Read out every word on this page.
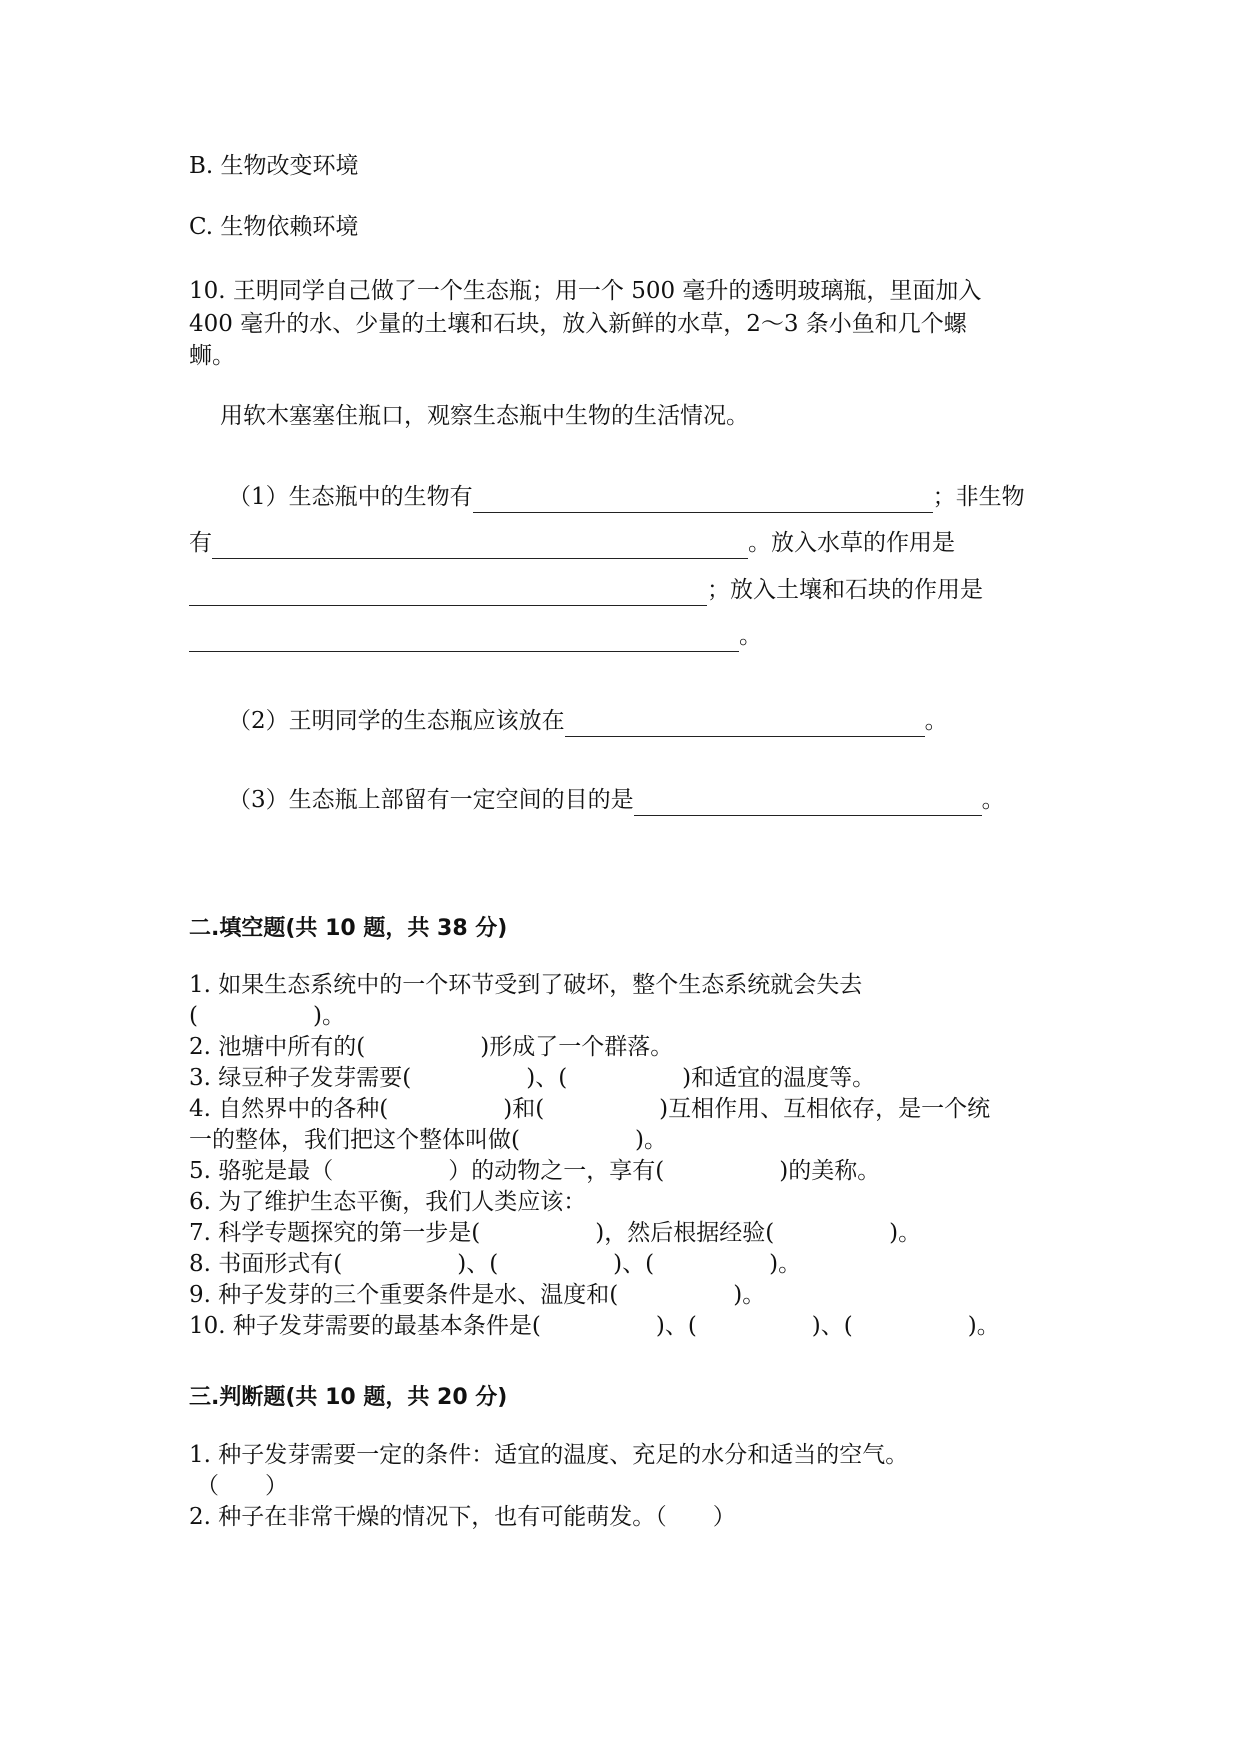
B. 生物改变环境
C. 生物依赖环境
10. 王明同学自己做了一个生态瓶；用一个 500 毫升的透明玻璃瓶，里面加入
400 毫升的水、少量的土壤和石块，放入新鲜的水草，2～3 条小鱼和几个螺
蛳。
用软木塞塞住瓶口，观察生态瓶中生物的生活情况。
（1）生态瓶中的生物有	；非生物
有	。放入水草的作用是
；放入土壤和石块的作用是
。
（2）王明同学的生态瓶应该放在	。
（3）生态瓶上部留有一定空间的目的是	。
二.填空题(共 10 题，共 38 分)
1. 如果生态系统中的一个环节受到了破坏，整个生态系统就会失去
(　　　　　)。
2. 池塘中所有的(　　　　　)形成了一个群落。
3. 绿豆种子发芽需要(　　　　　)、(　　　　　)和适宜的温度等。
4. 自然界中的各种(　　　　　)和(　　　　　)互相作用、互相依存，是一个统
一的整体，我们把这个整体叫做(　　　　　)。
5. 骆驼是最（　　　　　）的动物之一，享有(　　　　　)的美称。
6. 为了维护生态平衡，我们人类应该：
7. 科学专题探究的第一步是(　　　　　)，然后根据经验(　　　　　)。
8. 书面形式有(　　　　　)、(　　　　　)、(　　　　　)。
9. 种子发芽的三个重要条件是水、温度和(　　　　　)。
10. 种子发芽需要的最基本条件是(　　　　　)、(　　　　　)、(　　　　　)。
三.判断题(共 10 题，共 20 分)
1. 种子发芽需要一定的条件：适宜的温度、充足的水分和适当的空气。
（　　）
2. 种子在非常干燥的情况下，也有可能萌发。（　　）
